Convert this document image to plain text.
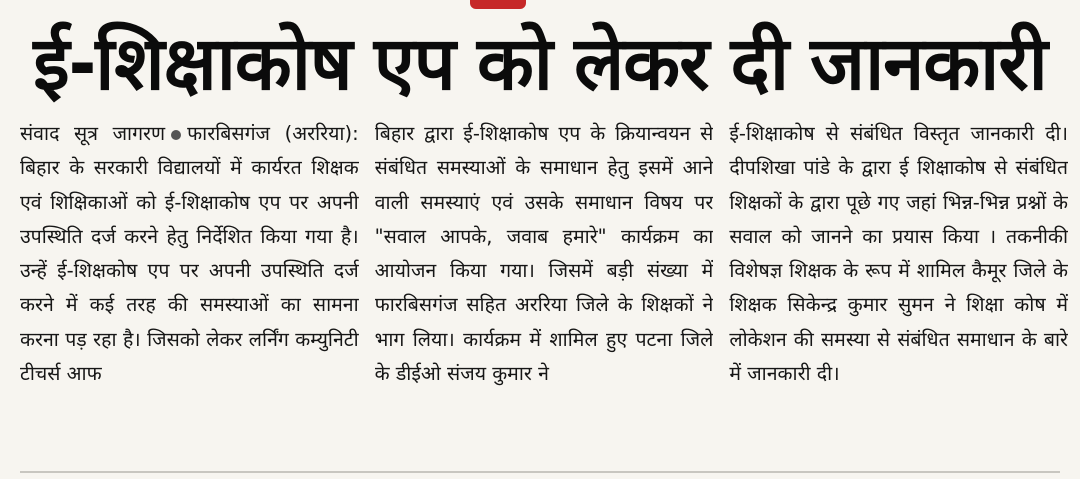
ई-शिक्षाकोष एप को लेकर दी जानकारी
संवाद सूत्र जागरण फारबिसगंज (अररिया): बिहार के सरकारी विद्यालयों में कार्यरत शिक्षक एवं शिक्षिकाओं को ई-शिक्षाकोष एप पर अपनी उपस्थिति दर्ज करने हेतु निर्देशित किया गया है। उन्हें ई-शिक्षकोष एप पर अपनी उपस्थिति दर्ज करने में कई तरह की समस्याओं का सामना करना पड़ रहा है। जिसको लेकर लर्निंग कम्युनिटी टीचर्स आफ
बिहार द्वारा ई-शिक्षाकोष एप के क्रियान्वयन से संबंधित समस्याओं के समाधान हेतु इसमें आने वाली समस्याएं एवं उसके समाधान विषय पर "सवाल आपके, जवाब हमारे" कार्यक्रम का आयोजन किया गया। जिसमें बड़ी संख्या में फारबिसगंज सहित अररिया जिले के शिक्षकों ने भाग लिया। कार्यक्रम में शामिल हुए पटना जिले के डीईओ संजय कुमार ने
ई-शिक्षाकोष से संबंधित विस्तृत जानकारी दी। दीपशिखा पांडे के द्वारा ई शिक्षाकोष से संबंधित शिक्षकों के द्वारा पूछे गए जहां भिन्न-भिन्न प्रश्नों के सवाल को जानने का प्रयास किया । तकनीकी विशेषज्ञ शिक्षक के रूप में शामिल कैमूर जिले के शिक्षक सिकेन्द्र कुमार सुमन ने शिक्षा कोष में लोकेशन की समस्या से संबंधित समाधान के बारे में जानकारी दी।
